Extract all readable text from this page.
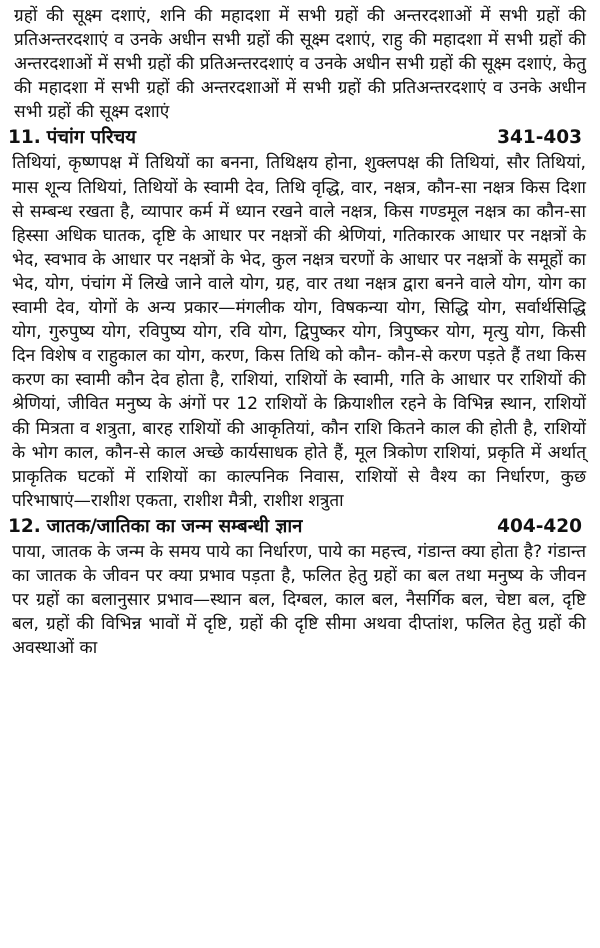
ग्रहों की सूक्ष्म दशाएं, शनि की महादशा में सभी ग्रहों की अन्तरदशाओं में सभी ग्रहों की प्रतिअन्तरदशाएं व उनके अधीन सभी ग्रहों की सूक्ष्म दशाएं, राहु की महादशा में सभी ग्रहों की अन्तरदशाओं में सभी ग्रहों की प्रतिअन्तरदशाएं व उनके अधीन सभी ग्रहों की सूक्ष्म दशाएं, केतु की महादशा में सभी ग्रहों की अन्तरदशाओं में सभी ग्रहों की प्रतिअन्तरदशाएं व उनके अधीन सभी ग्रहों की सूक्ष्म दशाएं

11. पंचांग परिचय	341-403

तिथियां, कृष्णपक्ष में तिथियों का बनना, तिथिक्षय होना, शुक्लपक्ष की तिथियां, सौर तिथियां, मास शून्य तिथियां, तिथियों के स्वामी देव, तिथि वृद्धि, वार, नक्षत्र, कौन-सा नक्षत्र किस दिशा से सम्बन्ध रखता है, व्यापार कर्म में ध्यान रखने वाले नक्षत्र, किस गण्डमूल नक्षत्र का कौन-सा हिस्सा अधिक घातक, दृष्टि के आधार पर नक्षत्रों की श्रेणियां, गतिकारक आधार पर नक्षत्रों के भेद, स्वभाव के आधार पर नक्षत्रों के भेद, कुल नक्षत्र चरणों के आधार पर नक्षत्रों के समूहों का भेद, योग, पंचांग में लिखे जाने वाले योग, ग्रह, वार तथा नक्षत्र द्वारा बनने वाले योग, योग का स्वामी देव, योगों के अन्य प्रकार—मंगलीक योग, विषकन्या योग, सिद्धि योग, सर्वार्थसिद्धि योग, गुरुपुष्य योग, रविपुष्य योग, रवि योग, द्विपुष्कर योग, त्रिपुष्कर योग, मृत्यु योग, किसी दिन विशेष व राहुकाल का योग, करण, किस तिथि को कौन- कौन-से करण पड़ते हैं तथा किस करण का स्वामी कौन देव होता है, राशियां, राशियों के स्वामी, गति के आधार पर राशियों की श्रेणियां, जीवित मनुष्य के अंगों पर 12 राशियों के क्रियाशील रहने के विभिन्न स्थान, राशियों की मित्रता व शत्रुता, बारह राशियों की आकृतियां, कौन राशि कितने काल की होती है, राशियों के भोग काल, कौन-से काल अच्छे कार्यसाधक होते हैं, मूल त्रिकोण राशियां, प्रकृति में अर्थात् प्राकृतिक घटकों में राशियों का काल्पनिक निवास, राशियों से वैश्य का निर्धारण, कुछ परिभाषाएं—राशीश एकता, राशीश मैत्री, राशीश शत्रुता

12. जातक/जातिका का जन्म सम्बन्धी ज्ञान	404-420

पाया, जातक के जन्म के समय पाये का निर्धारण, पाये का महत्त्व, गंडान्त क्या होता है? गंडान्त का जातक के जीवन पर क्या प्रभाव पड़ता है, फलित हेतु ग्रहों का बल तथा मनुष्य के जीवन पर ग्रहों का बलानुसार प्रभाव—स्थान बल, दिग्बल, काल बल, नैसर्गिक बल, चेष्टा बल, दृष्टि बल, ग्रहों की विभिन्न भावों में दृष्टि, ग्रहों की दृष्टि सीमा अथवा दीप्तांश, फलित हेतु ग्रहों की अवस्थाओं का
